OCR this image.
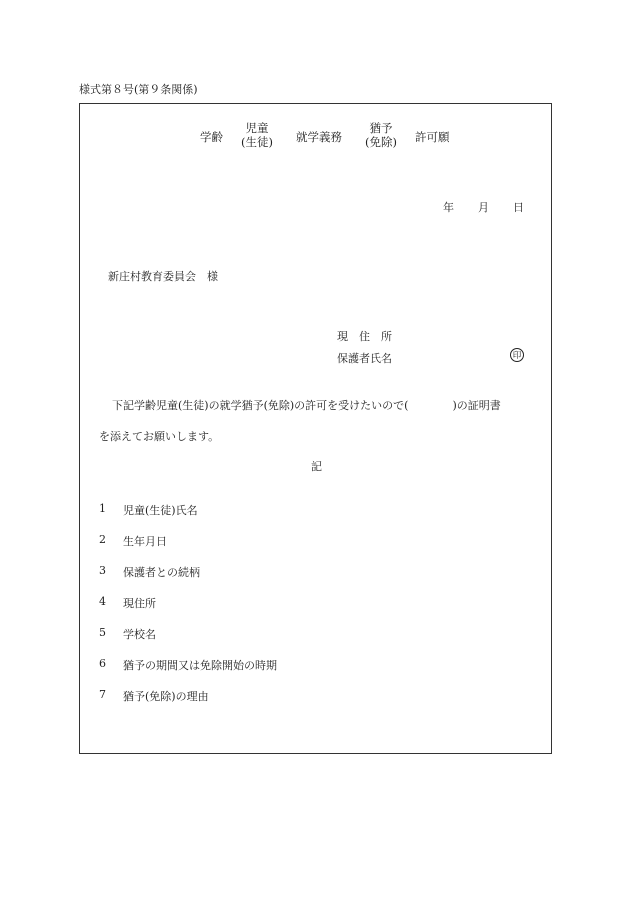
様式第８号(第９条関係)
学齢
児童
(生徒) 就学義務
猶予
(免除) 許可願
年 月 日
新庄村教育委員会　様
現　住　所
保護者氏名	印
下記学齢児童(生徒)の就学猶予(免除)の許可を受けたいので(　　　　)の証明書
を添えてお願いします。
記
1 児童(生徒)氏名
2 生年月日
3 保護者との続柄
4 現住所
5 学校名
6 猶予の期間又は免除開始の時期
7 猶予(免除)の理由
